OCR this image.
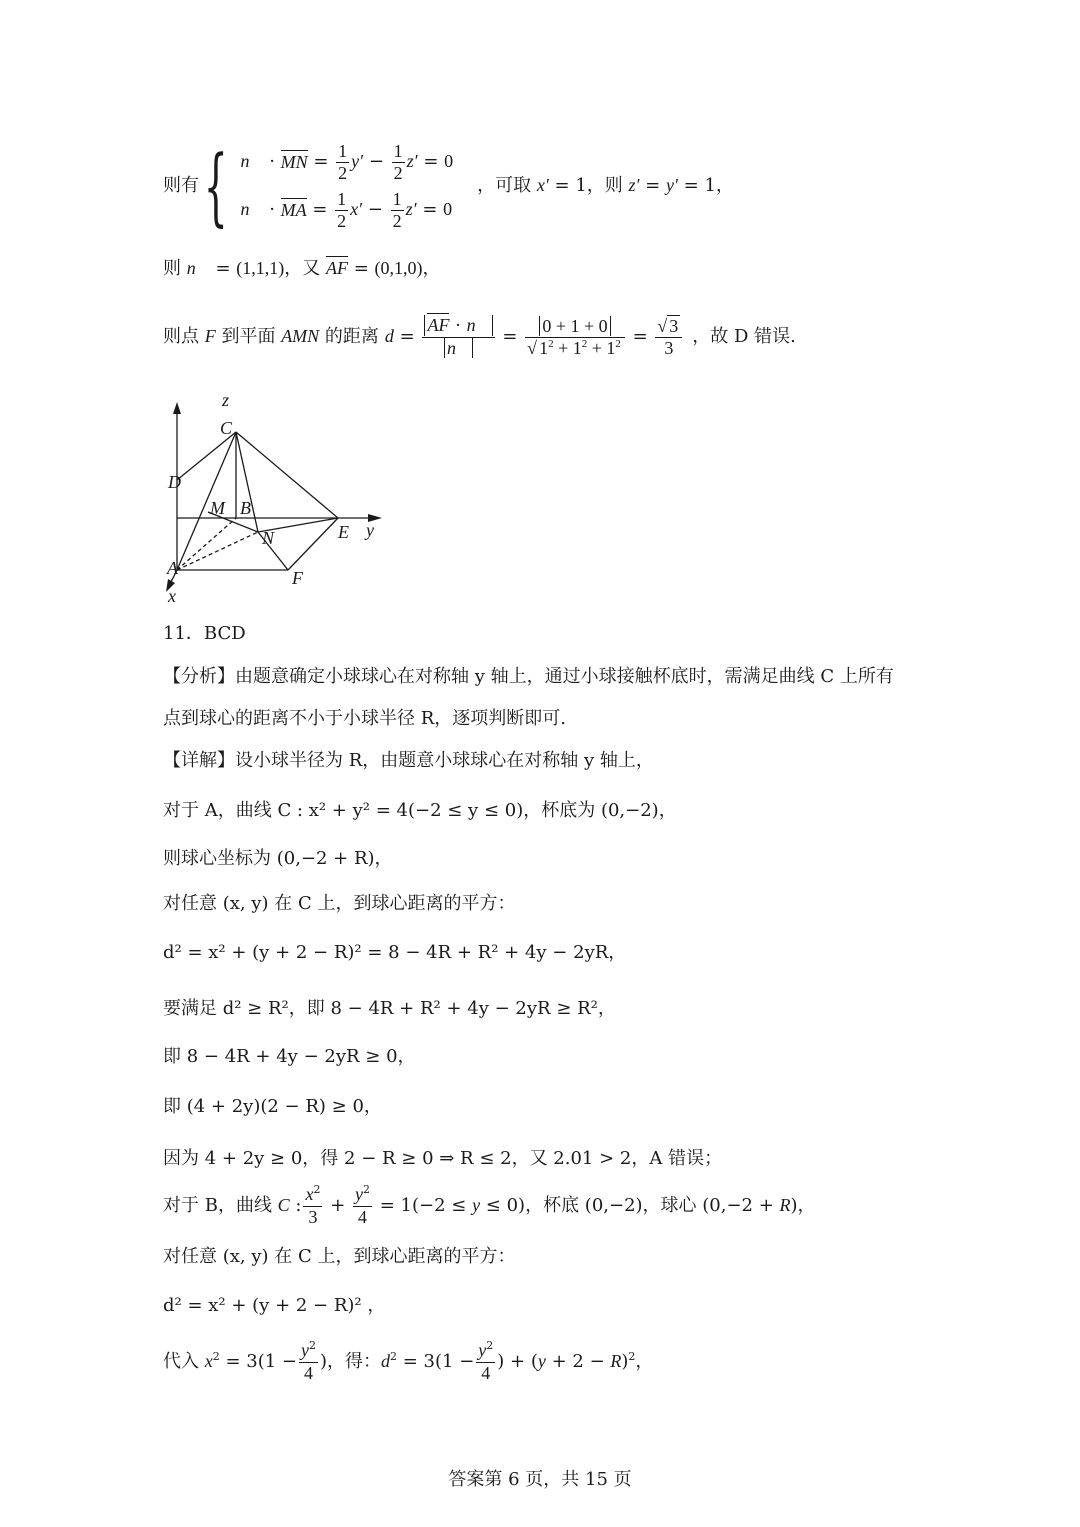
则有 { n⃗ · MN = $\frac{1}{2} y' - \frac{1}{2} z' = 0$
n⃗ · MA = $\frac{1}{2} x' - \frac{1}{2} z' = 0$
，可取 x′ = 1，则 z′ = y′ = 1，
则 n⃗ = (1,1,1)，又 AF = (0,1,0)，
则点 F 到平面 AMN 的距离 $d = \frac{AF \cdot n⃗}{n⃗} = \frac{0 + 1 + 0}{√ 1^2 + 1^2 + 1^2} = \frac{√ 3}{3}$ ，故 D 错误.
z
C
D
M B
E y
N
A	F
x
11．BCD
【分析】由题意确定小球球心在对称轴 y 轴上，通过小球接触杯底时，需满足曲线 C 上所有
点到球心的距离不小于小球半径 R，逐项判断即可.
【详解】设小球半径为 R，由题意小球球心在对称轴 y 轴上，
对于 A，曲线 C : x² + y² = 4(−2 ≤ y ≤ 0)，杯底为 (0,−2)，
则球心坐标为 (0,−2 + R)，
对任意 (x, y) 在 C 上，到球心距离的平方：
d² = x² + (y + 2 − R)² = 8 − 4R + R² + 4y − 2yR，
要满足 d² ≥ R²，即 8 − 4R + R² + 4y − 2yR ≥ R²，
即 8 − 4R + 4y − 2yR ≥ 0，
即 (4 + 2y)(2 − R) ≥ 0，
因为 4 + 2y ≥ 0，得 2 − R ≥ 0 ⇒ R ≤ 2，又 2.01 > 2，A 错误；
对于 B，曲线 C : $\frac{x^2}{3} + \frac{y^2}{4} = 1(-2 \le y \le 0)$，杯底 (0,−2)，球心 (0,−2 + R)，
对任意 (x, y) 在 C 上，到球心距离的平方：
d² = x² + (y + 2 − R)² ，
代入 $x^2 = 3(1 - \frac{y^2}{4}$ )，得：$d^2 = 3(1 - \frac{y^2}{4}$ ) + $(y + 2 - R)^2$，
答案第 6 页，共 15 页
